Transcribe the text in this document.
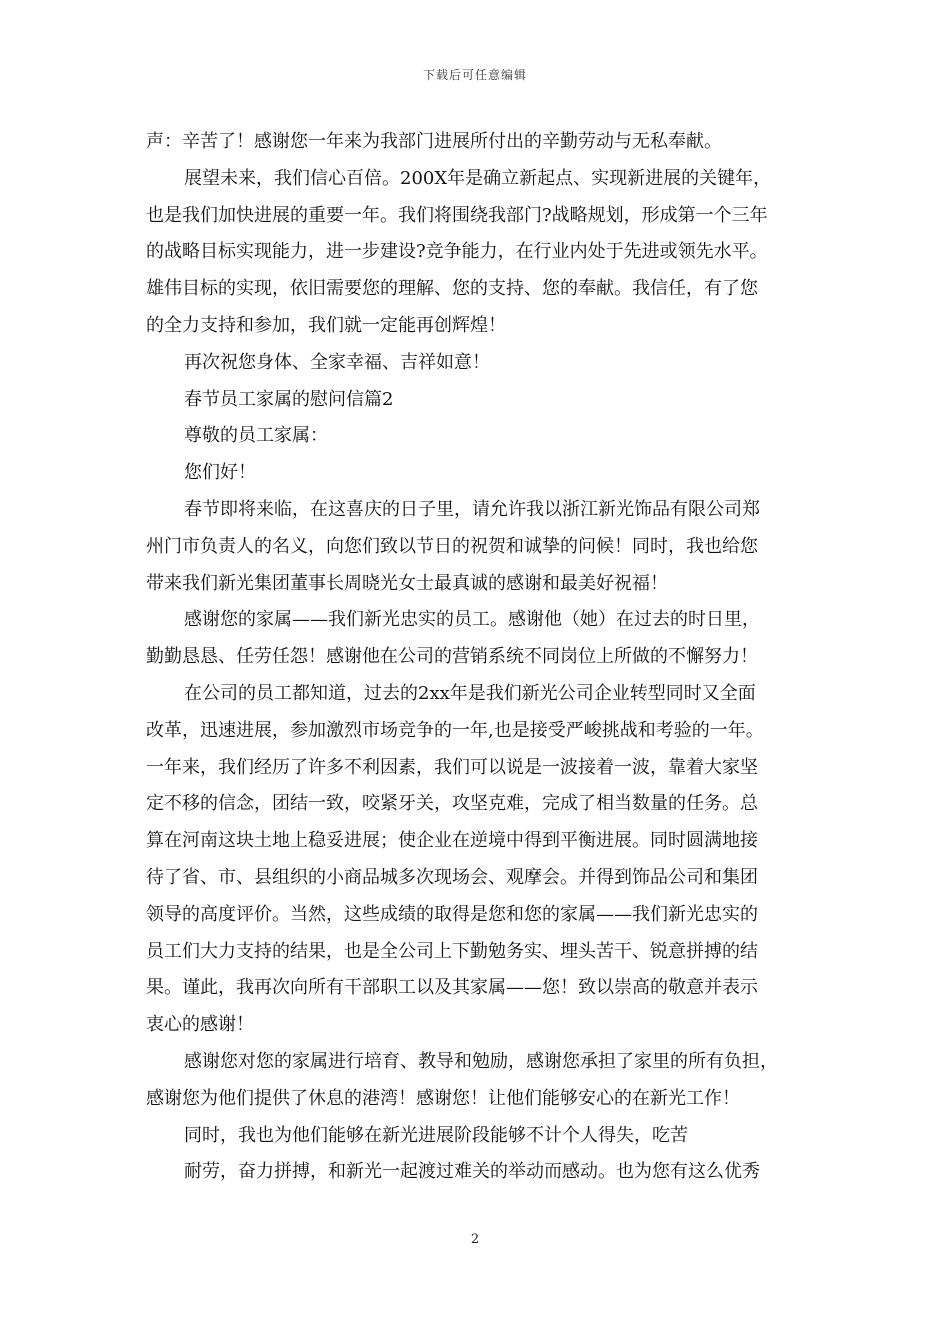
下载后可任意编辑
声：辛苦了！感谢您一年来为我部门进展所付出的辛勤劳动与无私奉献。
展望未来，我们信心百倍。200X年是确立新起点、实现新进展的关键年，
也是我们加快进展的重要一年。我们将围绕我部门?战略规划，形成第一个三年
的战略目标实现能力，进一步建设?竞争能力，在行业内处于先进或领先水平。
雄伟目标的实现，依旧需要您的理解、您的支持、您的奉献。我信任，有了您
的全力支持和参加，我们就一定能再创辉煌！
再次祝您身体、全家幸福、吉祥如意！
春节员工家属的慰问信篇2
尊敬的员工家属：
您们好！
春节即将来临，在这喜庆的日子里，请允许我以浙江新光饰品有限公司郑
州门市负责人的名义，向您们致以节日的祝贺和诚挚的问候！同时，我也给您
带来我们新光集团董事长周晓光女士最真诚的感谢和最美好祝福！
感谢您的家属——我们新光忠实的员工。感谢他（她）在过去的时日里，
勤勤恳恳、任劳任怨！感谢他在公司的营销系统不同岗位上所做的不懈努力！
在公司的员工都知道，过去的2xx年是我们新光公司企业转型同时又全面
改革，迅速进展，参加激烈市场竞争的一年,也是接受严峻挑战和考验的一年。
一年来，我们经历了许多不利因素，我们可以说是一波接着一波，靠着大家坚
定不移的信念，团结一致，咬紧牙关，攻坚克难，完成了相当数量的任务。总
算在河南这块土地上稳妥进展；使企业在逆境中得到平衡进展。同时圆满地接
待了省、市、县组织的小商品城多次现场会、观摩会。并得到饰品公司和集团
领导的高度评价。当然，这些成绩的取得是您和您的家属——我们新光忠实的
员工们大力支持的结果，也是全公司上下勤勉务实、埋头苦干、锐意拼搏的结
果。谨此，我再次向所有干部职工以及其家属——您！致以崇高的敬意并表示
衷心的感谢！
感谢您对您的家属进行培育、教导和勉励，感谢您承担了家里的所有负担，
感谢您为他们提供了休息的港湾！感谢您！让他们能够安心的在新光工作！
同时，我也为他们能够在新光进展阶段能够不计个人得失，吃苦
耐劳，奋力拼搏，和新光一起渡过难关的举动而感动。也为您有这么优秀
2
